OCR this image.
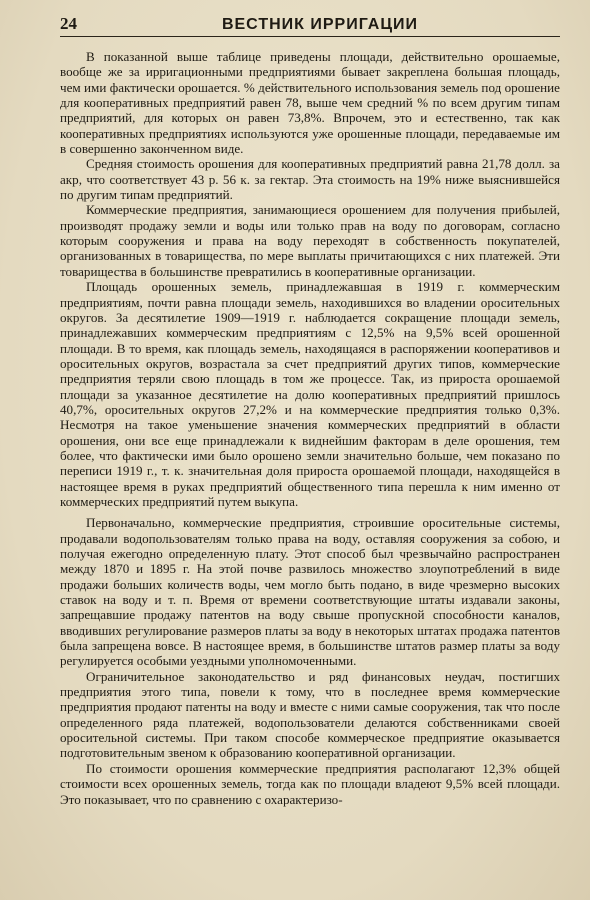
24	ВЕСТНИК ИРРИГАЦИИ

В показанной выше таблице приведены площади, действительно орошаемые, вообще же за ирригационными предприятиями бывает закреплена большая площадь, чем ими фактически орошается. % действительного использования земель под орошение для кооперативных предприятий равен 78, выше чем средний % по всем другим типам предприятий, для которых он равен 73,8%. Впрочем, это и естественно, так как кооперативных предприятиях используются уже орошенные площади, передаваемые им в совершенно законченном виде.

Средняя стоимость орошения для кооперативных предприятий равна 21,78 долл. за акр, что соответствует 43 р. 56 к. за гектар. Эта стоимость на 19% ниже выяснившейся по другим типам предприятий.

Коммерческие предприятия, занимающиеся орошением для получения прибылей, производят продажу земли и воды или только прав на воду по договорам, согласно которым сооружения и права на воду переходят в собственность покупателей, организованных в товарищества, по мере выплаты причитающихся с них платежей. Эти товарищества в большинстве превратились в кооперативные организации.

Площадь орошенных земель, принадлежавшая в 1919 г. коммерческим предприятиям, почти равна площади земель, находившихся во владении оросительных округов. За десятилетие 1909—1919 г. наблюдается сокращение площади земель, принадлежавших коммерческим предприятиям с 12,5% на 9,5% всей орошенной площади. В то время, как площадь земель, находящаяся в распоряжении кооперативов и оросительных округов, возрастала за счет предприятий других типов, коммерческие предприятия теряли свою площадь в том же процессе. Так, из прироста орошаемой площади за указанное десятилетие на долю кооперативных предприятий пришлось 40,7%, оросительных округов 27,2% и на коммерческие предприятия только 0,3%. Несмотря на такое уменьшение значения коммерческих предприятий в области орошения, они все еще принадлежали к виднейшим факторам в деле орошения, тем более, что фактически ими было орошено земли значительно больше, чем показано по переписи 1919 г., т. к. значительная доля прироста орошаемой площади, находящейся в настоящее время в руках предприятий общественного типа перешла к ним именно от коммерческих предприятий путем выкупа.

Первоначально, коммерческие предприятия, строившие оросительные системы, продавали водопользователям только права на воду, оставляя сооружения за собою, и получая ежегодно определенную плату. Этот способ был чрезвычайно распространен между 1870 и 1895 г. На этой почве развилось множество злоупотреблений в виде продажи больших количеств воды, чем могло быть подано, в виде чрезмерно высоких ставок на воду и т. п. Время от времени соответствующие штаты издавали законы, запрещавшие продажу патентов на воду свыше пропускной способности каналов, вводивших регулирование размеров платы за воду в некоторых штатах продажа патентов была запрещена вовсе. В настоящее время, в большинстве штатов размер платы за воду регулируется особыми уездными уполномоченными.

Ограничительное законодательство и ряд финансовых неудач, постигших предприятия этого типа, повели к тому, что в последнее время коммерческие предприятия продают патенты на воду и вместе с ними самые сооружения, так что после определенного ряда платежей, водопользователи делаются собственниками своей оросительной системы. При таком способе коммерческое предприятие оказывается подготовительным звеном к образованию кооперативной организации.

По стоимости орошения коммерческие предприятия располагают 12,3% общей стоимости всех орошенных земель, тогда как по площади владеют 9,5% всей площади. Это показывает, что по сравнению с охарактеризо-
